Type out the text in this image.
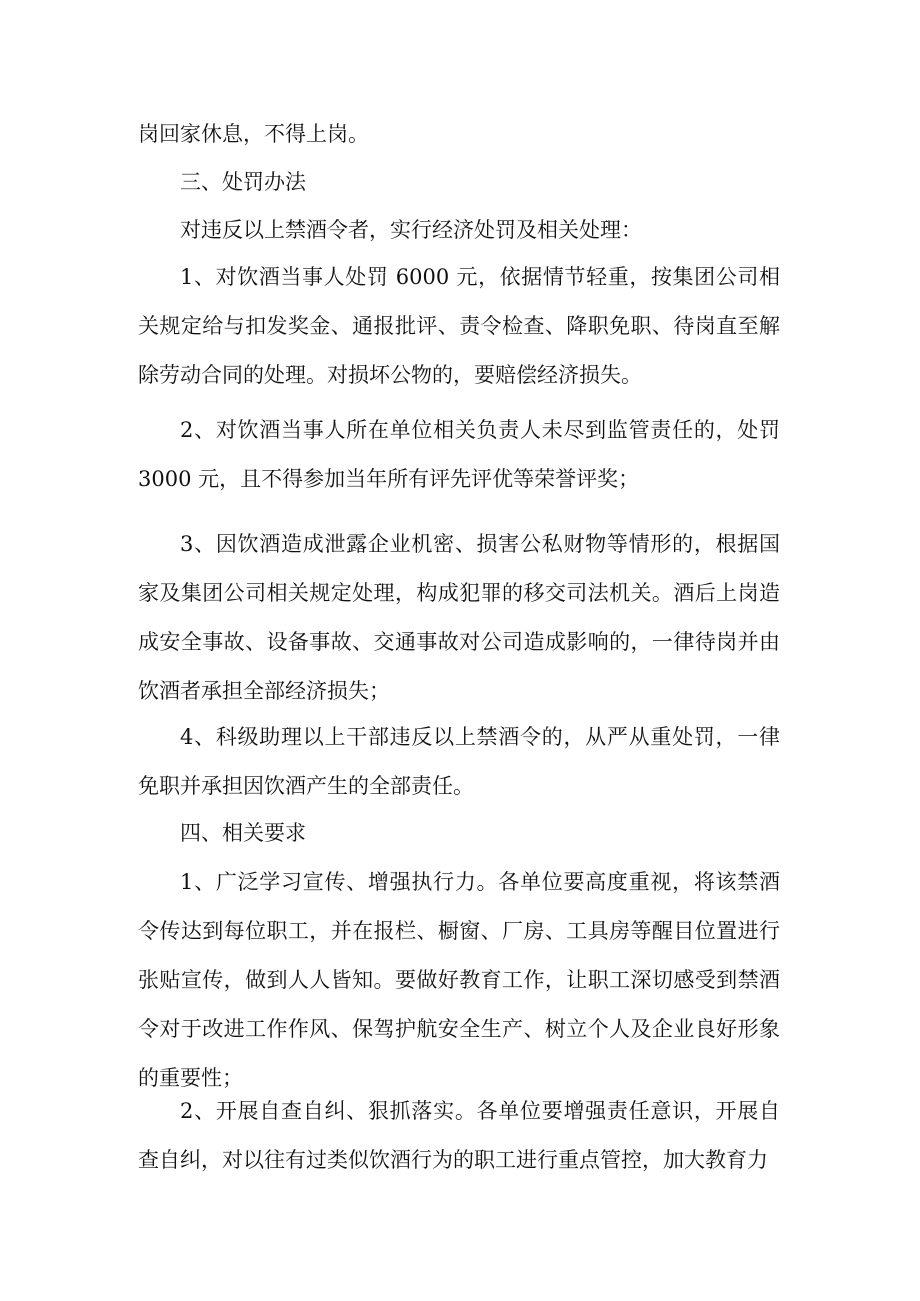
岗回家休息，不得上岗。

三、处罚办法

对违反以上禁酒令者，实行经济处罚及相关处理：

1、对饮酒当事人处罚 6000 元，依据情节轻重，按集团公司相关规定给与扣发奖金、通报批评、责令检查、降职免职、待岗直至解除劳动合同的处理。对损坏公物的，要赔偿经济损失。

2、对饮酒当事人所在单位相关负责人未尽到监管责任的，处罚 3000 元，且不得参加当年所有评先评优等荣誉评奖；

3、因饮酒造成泄露企业机密、损害公私财物等情形的，根据国家及集团公司相关规定处理，构成犯罪的移交司法机关。酒后上岗造成安全事故、设备事故、交通事故对公司造成影响的，一律待岗并由饮酒者承担全部经济损失；

4、科级助理以上干部违反以上禁酒令的，从严从重处罚，一律免职并承担因饮酒产生的全部责任。

四、相关要求

1、广泛学习宣传、增强执行力。各单位要高度重视，将该禁酒令传达到每位职工，并在报栏、橱窗、厂房、工具房等醒目位置进行张贴宣传，做到人人皆知。要做好教育工作，让职工深切感受到禁酒令对于改进工作作风、保驾护航安全生产、树立个人及企业良好形象的重要性；

2、开展自查自纠、狠抓落实。各单位要增强责任意识，开展自查自纠，对以往有过类似饮酒行为的职工进行重点管控，加大教育力
